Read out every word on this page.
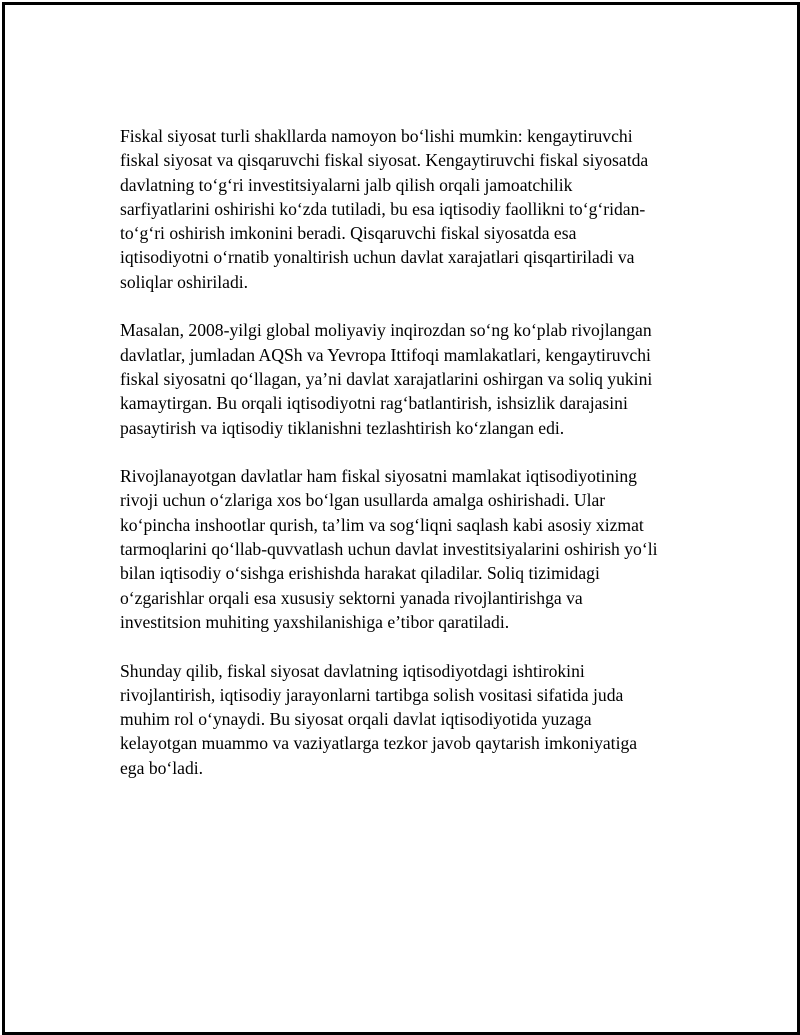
Fiskal siyosat turli shakllarda namoyon bo‘lishi mumkin: kengaytiruvchi
fiskal siyosat va qisqaruvchi fiskal siyosat. Kengaytiruvchi fiskal siyosatda
davlatning to‘g‘ri investitsiyalarni jalb qilish orqali jamoatchilik
sarfiyatlarini oshirishi ko‘zda tutiladi, bu esa iqtisodiy faollikni to‘g‘ridan-
to‘g‘ri oshirish imkonini beradi. Qisqaruvchi fiskal siyosatda esa
iqtisodiyotni o‘rnatib yonaltirish uchun davlat xarajatlari qisqartiriladi va
soliqlar oshiriladi.

Masalan, 2008-yilgi global moliyaviy inqirozdan so‘ng ko‘plab rivojlangan
davlatlar, jumladan AQSh va Yevropa Ittifoqi mamlakatlari, kengaytiruvchi
fiskal siyosatni qo‘llagan, ya’ni davlat xarajatlarini oshirgan va soliq yukini
kamaytirgan. Bu orqali iqtisodiyotni rag‘batlantirish, ishsizlik darajasini
pasaytirish va iqtisodiy tiklanishni tezlashtirish ko‘zlangan edi.

Rivojlanayotgan davlatlar ham fiskal siyosatni mamlakat iqtisodiyotining
rivoji uchun o‘zlariga xos bo‘lgan usullarda amalga oshirishadi. Ular
ko‘pincha inshootlar qurish, ta’lim va sog‘liqni saqlash kabi asosiy xizmat
tarmoqlarini qo‘llab-quvvatlash uchun davlat investitsiyalarini oshirish yo‘li
bilan iqtisodiy o‘sishga erishishda harakat qiladilar. Soliq tizimidagi
o‘zgarishlar orqali esa xususiy sektorni yanada rivojlantirishga va
investitsion muhiting yaxshilanishiga e’tibor qaratiladi.

Shunday qilib, fiskal siyosat davlatning iqtisodiyotdagi ishtirokini
rivojlantirish, iqtisodiy jarayonlarni tartibga solish vositasi sifatida juda
muhim rol o‘ynaydi. Bu siyosat orqali davlat iqtisodiyotida yuzaga
kelayotgan muammo va vaziyatlarga tezkor javob qaytarish imkoniyatiga
ega bo‘ladi.
